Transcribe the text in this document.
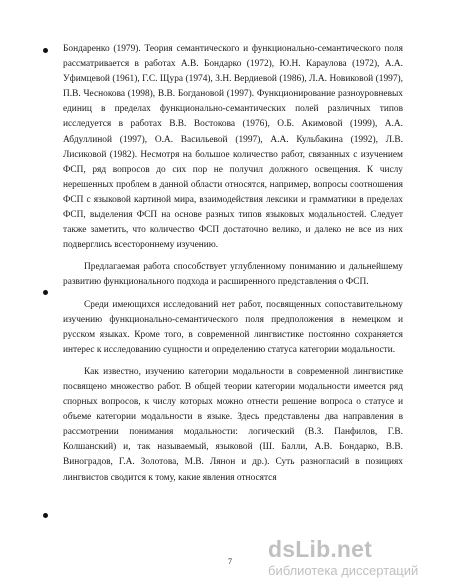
Бондаренко (1979). Теория семантического и функционально-семантического поля рассматривается в работах А.В. Бондарко (1972), Ю.Н. Караулова (1972), А.А. Уфимцевой (1961), Г.С. Щура (1974), З.Н. Вердиевой (1986), Л.А. Новиковой (1997), П.В. Чеснокова (1998), В.В. Богдановой (1997). Функционирование разноуровневых единиц в пределах функционально-семантических полей различных типов исследуется в работах В.В. Востокова (1976), О.Б. Акимовой (1999), А.А. Абдуллиной (1997), О.А. Васильевой (1997), А.А. Кульбакина (1992), Л.В. Лисиковой (1982). Несмотря на большое количество работ, связанных с изучением ФСП, ряд вопросов до сих пор не получил должного освещения. К числу нерешенных проблем в данной области относятся, например, вопросы соотношения ФСП с языковой картиной мира, взаимодействия лексики и грамматики в пределах ФСП, выделения ФСП на основе разных типов языковых модальностей. Следует также заметить, что количество ФСП достаточно велико, и далеко не все из них подверглись всестороннему изучению.

Предлагаемая работа способствует углубленному пониманию и дальнейшему развитию функционального подхода и расширенного представления о ФСП.

Среди имеющихся исследований нет работ, посвященных сопоставительному изучению функционально-семантического поля предположения в немецком и русском языках. Кроме того, в современной лингвистике постоянно сохраняется интерес к исследованию сущности и определению статуса категории модальности.

Как известно, изучению категории модальности в современной лингвистике посвящено множество работ. В общей теории категории модальности имеется ряд спорных вопросов, к числу которых можно отнести решение вопроса о статусе и объеме категории модальности в языке. Здесь представлены два направления в рассмотрении понимания модальности: логический (В.З. Панфилов, Г.В. Колшанский) и, так называемый, языковой (Ш. Балли, А.В. Бондарко, В.В. Виноградов, Г.А. Золотова, М.В. Лянон и др.). Суть разногласий в позициях лингвистов сводится к тому, какие явления относятся

7 dsLib.net
библиотека диссертаций
